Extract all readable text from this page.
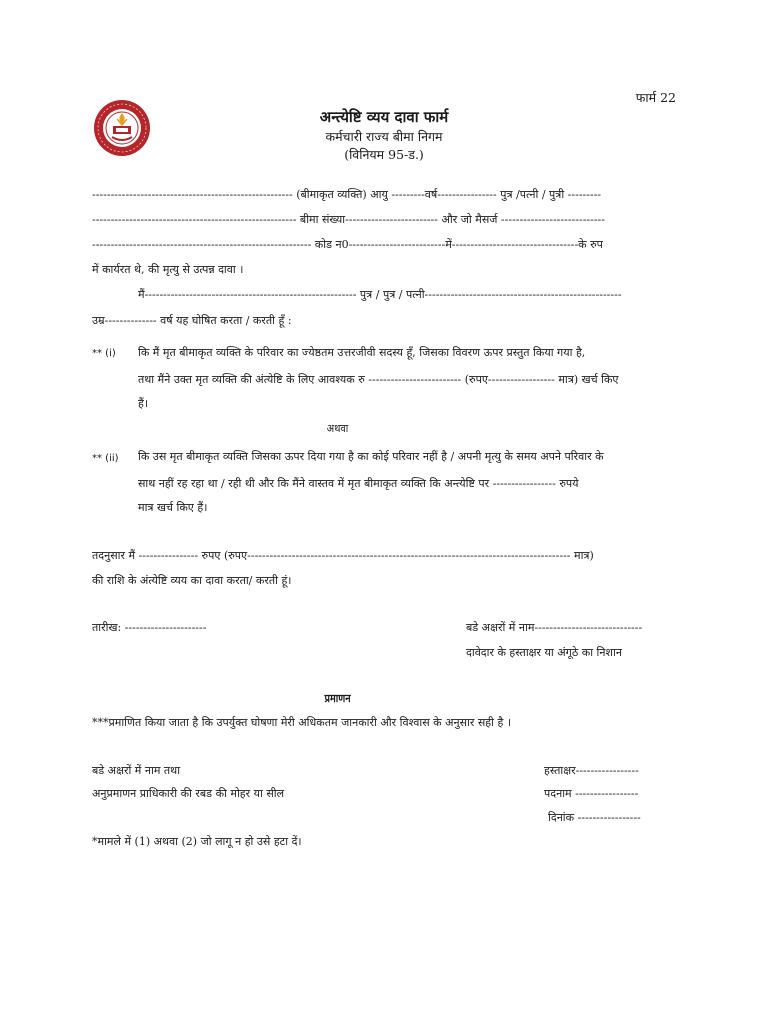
फार्म 22
अन्त्येष्टि व्यय दावा फार्म
कर्मचारी राज्य बीमा निगम
(विनियम 95-ड.)
------------------------------------------------------ (बीमाकृत व्यक्ति) आयु ---------वर्ष---------------- पुत्र /पत्नी / पुत्री ---------
------------------------------------------------------- बीमा संख्या------------------------- और जो मैसर्ज ----------------------------
----------------------------------------------------------- कोड न0--------------------------में----------------------------------के रुप
में कार्यरत थे, की मृत्यु से उत्पन्न दावा ।
मैं--------------------------------------------------------- पुत्र / पुत्र / पत्नी-----------------------------------------------------
उम्र-------------- वर्ष यह घोषित करता / करती हूँ :
** (i) कि मैं मृत बीमाकृत व्यक्ति के परिवार का ज्येष्ठतम उत्तरजीवी सदस्य हूँ, जिसका विवरण ऊपर प्रस्तुत किया गया है,
तथा मैंने उक्त मृत व्यक्ति की अंत्येष्टि के लिए आवश्यक रु ------------------------- (रुपए------------------ मात्र) खर्च किए
हैं।
अथवा
** (ii) कि उस मृत बीमाकृत व्यक्ति जिसका ऊपर दिया गया है का कोई परिवार नहीं है / अपनी मृत्यु के समय अपने परिवार के
साथ नहीं रह रहा था / रही थी और कि मैंने वास्तव में मृत बीमाकृत व्यक्ति कि अन्त्येष्टि पर ----------------- रुपये
मात्र खर्च किए हैं।
तदनुसार मैं ---------------- रुपए (रुपए--------------------------------------------------------------------------------------- मात्र)
की राशि के अंत्येष्टि व्यय का दावा करता/ करती हूं।
तारीख: ----------------------	बडे अक्षरों में नाम-----------------------------
दावेदार के हस्ताक्षर या अंगूठे का निशान
प्रमाणन
***प्रमाणित किया जाता है कि उपर्युक्त घोषणा मेरी अधिकतम जानकारी और विश्वास के अनुसार सही है ।
बडे अक्षरों में नाम तथा
अनुप्रमाणन प्राधिकारी की रबड की मोहर या सील
हस्ताक्षर-----------------
पदनाम -----------------
दिनांक -----------------
*मामले में (1) अथवा (2) जो लागू न हो उसे हटा दें।
